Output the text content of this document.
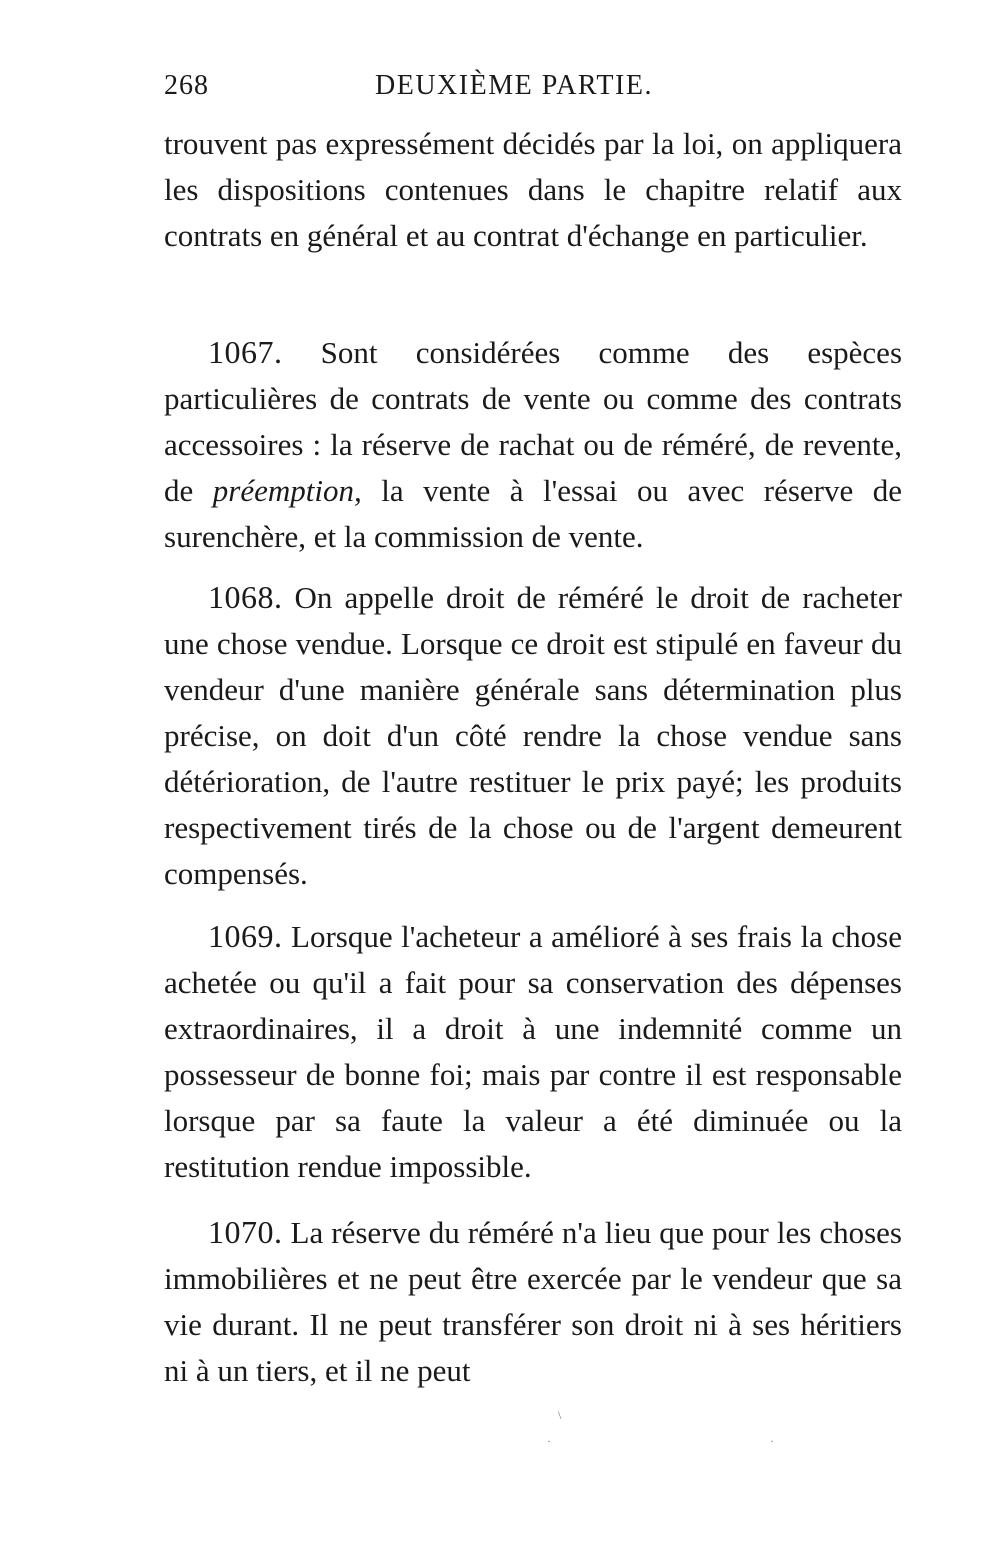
268	DEUXIÈME PARTIE.
trouvent pas expressément décidés par la loi, on appliquera les dispositions contenues dans le chapitre relatif aux contrats en général et au contrat d'échange en particulier.
1067. Sont considérées comme des espèces particulières de contrats de vente ou comme des contrats accessoires : la réserve de rachat ou de réméré, de revente, de préemption, la vente à l'essai ou avec réserve de surenchère, et la commission de vente.
1068. On appelle droit de réméré le droit de racheter une chose vendue. Lorsque ce droit est stipulé en faveur du vendeur d'une manière générale sans détermination plus précise, on doit d'un côté rendre la chose vendue sans détérioration, de l'autre restituer le prix payé; les produits respectivement tirés de la chose ou de l'argent demeurent compensés.
1069. Lorsque l'acheteur a amélioré à ses frais la chose achetée ou qu'il a fait pour sa conservation des dépenses extraordinaires, il a droit à une indemnité comme un possesseur de bonne foi; mais par contre il est responsable lorsque par sa faute la valeur a été diminuée ou la restitution rendue impossible.
1070. La réserve du réméré n'a lieu que pour les choses immobilières et ne peut être exercée par le vendeur que sa vie durant. Il ne peut transférer son droit ni à ses héritiers ni à un tiers, et il ne peut
\
·	·
